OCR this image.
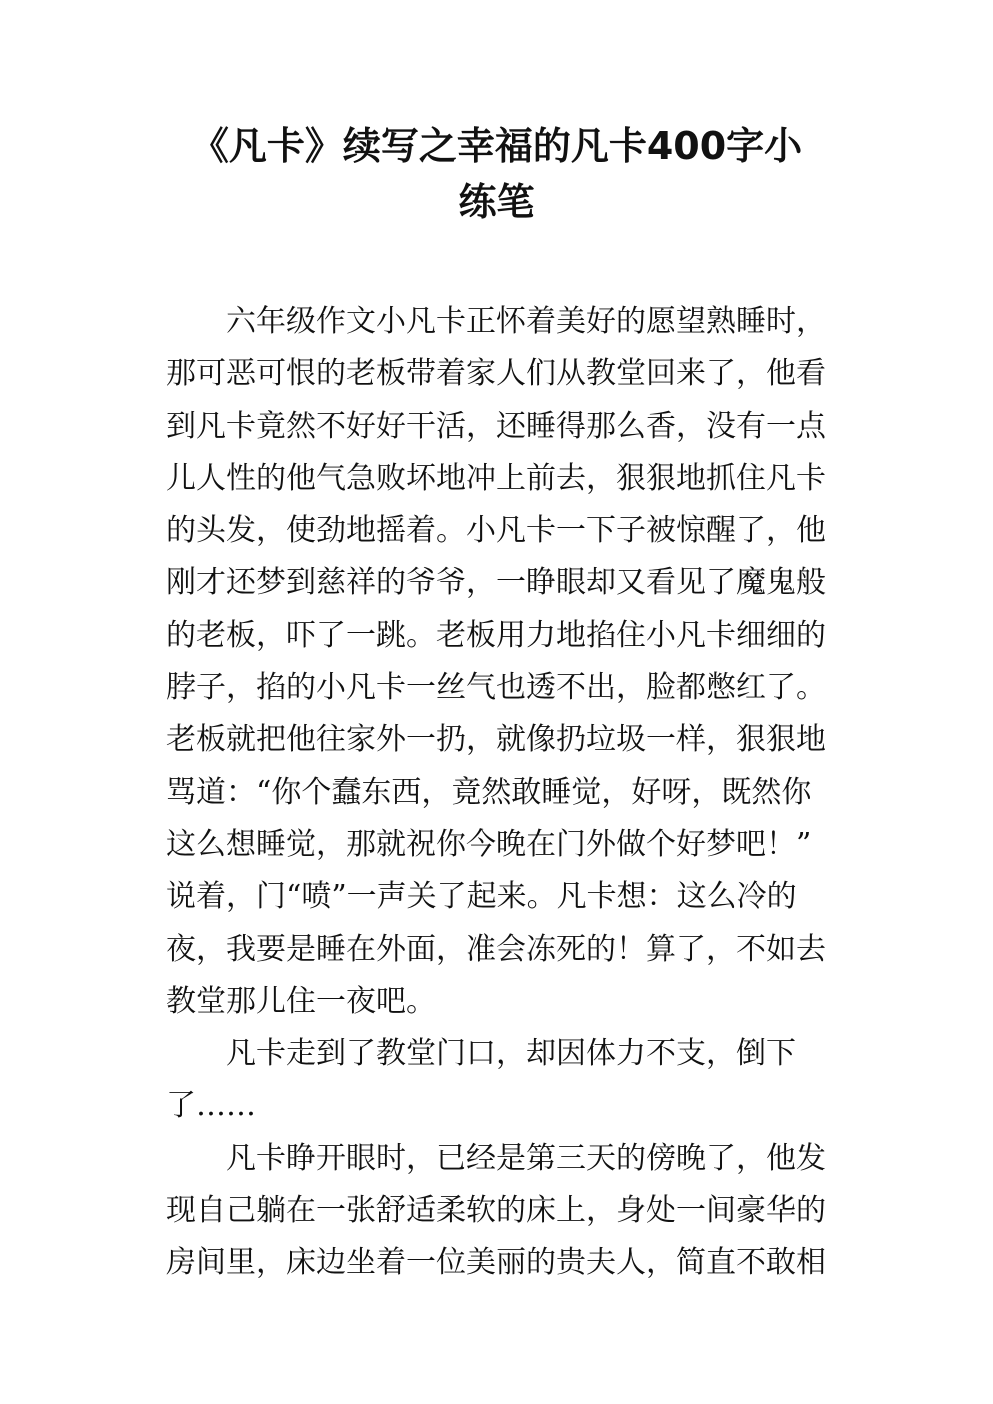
《凡卡》续写之幸福的凡卡400字小
练笔

六年级作文小凡卡正怀着美好的愿望熟睡时，
那可恶可恨的老板带着家人们从教堂回来了，他看
到凡卡竟然不好好干活，还睡得那么香，没有一点
儿人性的他气急败坏地冲上前去，狠狠地抓住凡卡
的头发，使劲地摇着。小凡卡一下子被惊醒了，他
刚才还梦到慈祥的爷爷，一睁眼却又看见了魔鬼般
的老板，吓了一跳。老板用力地掐住小凡卡细细的
脖子，掐的小凡卡一丝气也透不出，脸都憋红了。
老板就把他往家外一扔，就像扔垃圾一样，狠狠地
骂道：“你个蠢东西，竟然敢睡觉，好呀，既然你
这么想睡觉，那就祝你今晚在门外做个好梦吧！”
说着，门“喷”一声关了起来。凡卡想：这么冷的
夜，我要是睡在外面，准会冻死的！算了，不如去
教堂那儿住一夜吧。

凡卡走到了教堂门口，却因体力不支，倒下
了……

凡卡睁开眼时，已经是第三天的傍晚了，他发
现自己躺在一张舒适柔软的床上，身处一间豪华的
房间里，床边坐着一位美丽的贵夫人，简直不敢相
